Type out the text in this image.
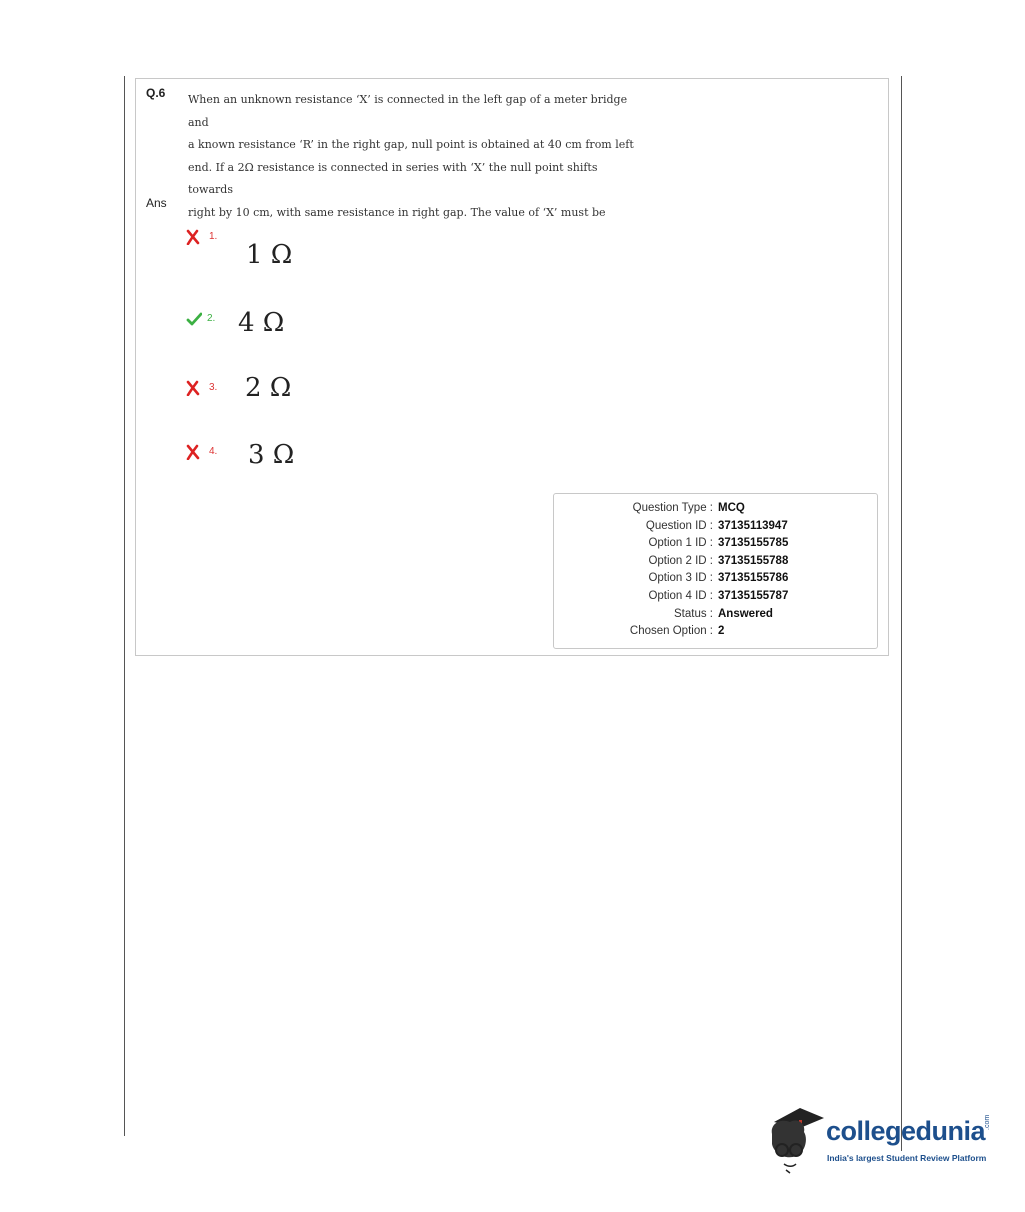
Q.6 When an unknown resistance ‘X’ is connected in the left gap of a meter bridge and
a known resistance ‘R’ in the right gap, null point is obtained at 40 cm from left
end. If a 2Ω resistance is connected in series with ‘X’ the null point shifts towards
right by 10 cm, with same resistance in right gap. The value of ‘X’ must be
Ans
1.
1 Ω
2. 4 Ω
3. 2 Ω
4. 3 Ω
Question Type : MCQ
Question ID : 37135113947
Option 1 ID : 37135155785
Option 2 ID : 37135155788
Option 3 ID : 37135155786
Option 4 ID : 37135155787
Status : Answered
Chosen Option : 2
collegedunia
.com
India's largest Student Review Platform
